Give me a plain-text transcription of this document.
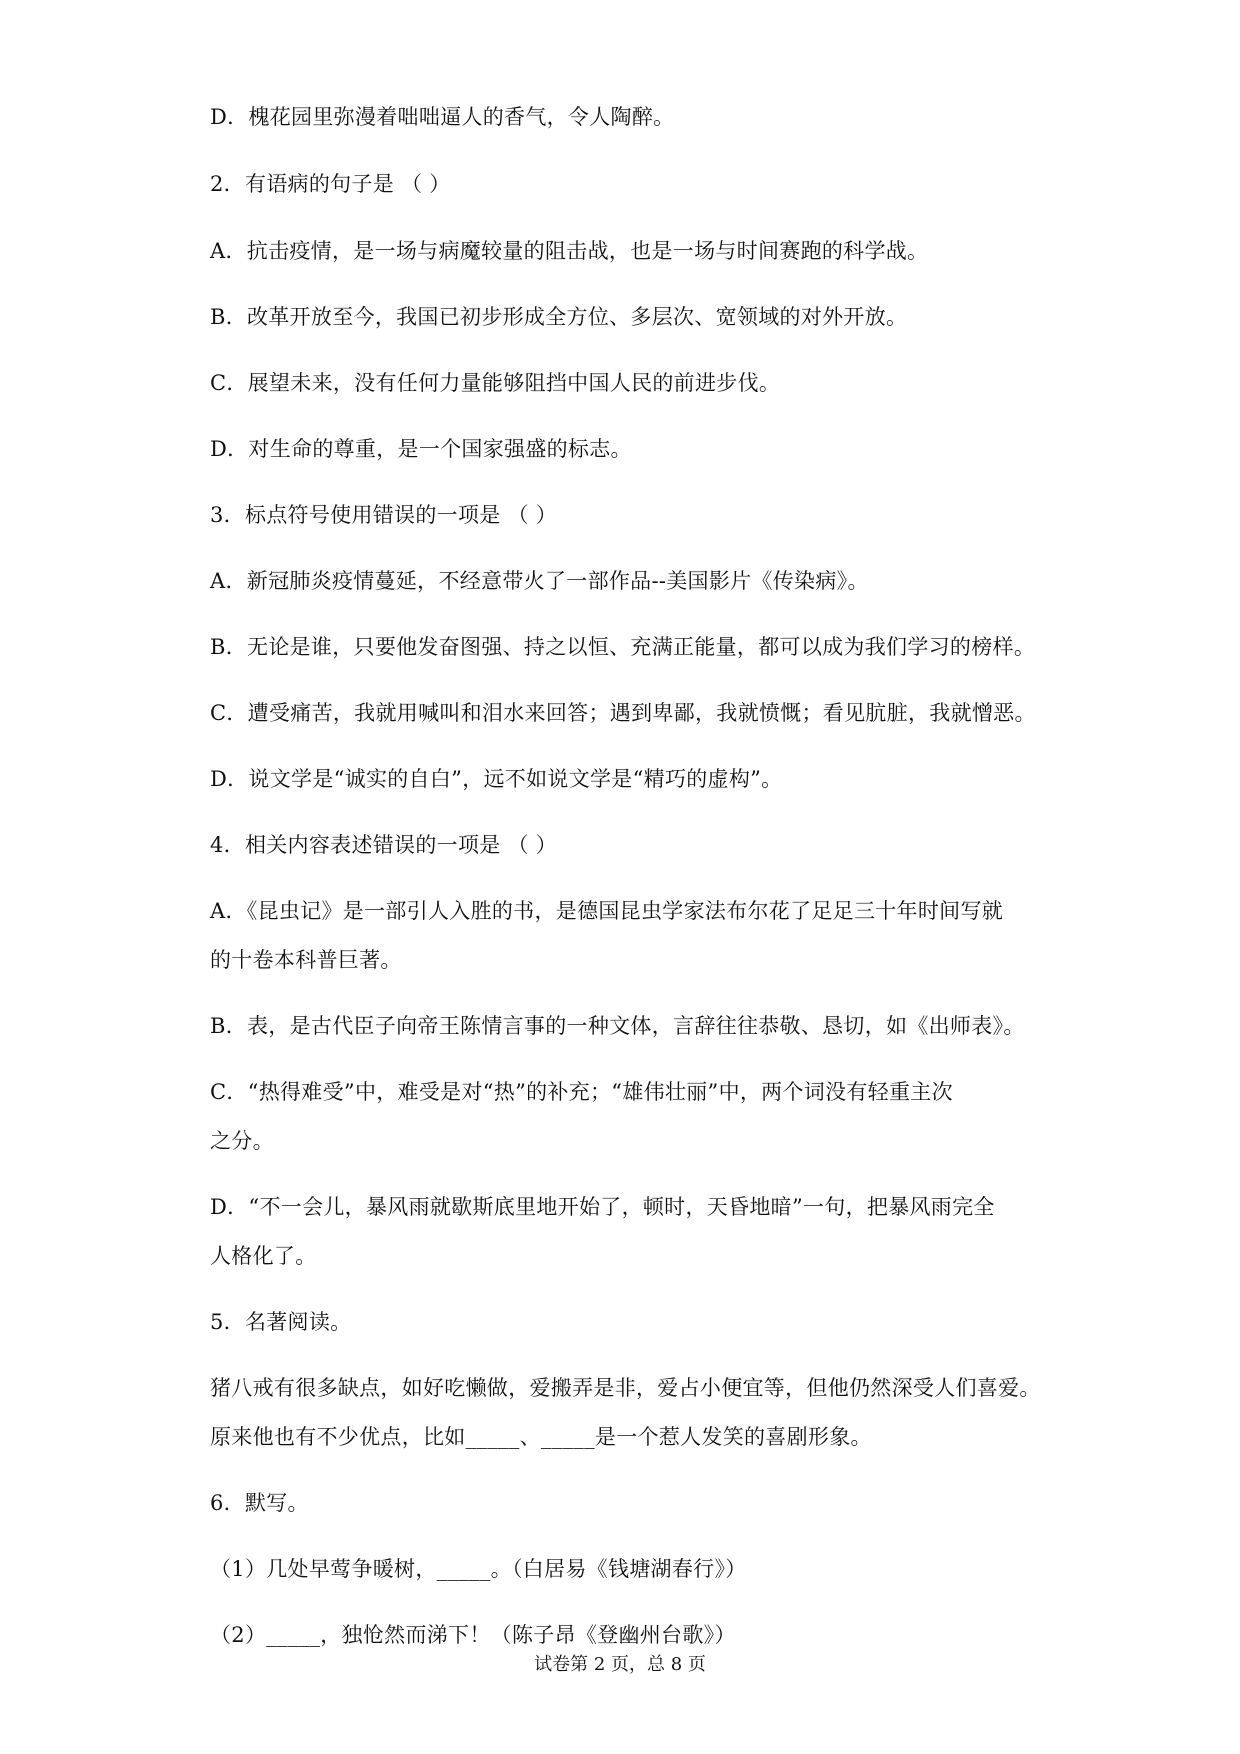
D．槐花园里弥漫着咄咄逼人的香气，令人陶醉。
2．有语病的句子是 （ ）
A．抗击疫情，是一场与病魔较量的阻击战，也是一场与时间赛跑的科学战。
B．改革开放至今，我国已初步形成全方位、多层次、宽领域的对外开放。
C．展望未来，没有任何力量能够阻挡中国人民的前进步伐。
D．对生命的尊重，是一个国家强盛的标志。
3．标点符号使用错误的一项是 （ ）
A．新冠肺炎疫情蔓延，不经意带火了一部作品--美国影片《传染病》。
B．无论是谁，只要他发奋图强、持之以恒、充满正能量，都可以成为我们学习的榜样。
C．遭受痛苦，我就用喊叫和泪水来回答；遇到卑鄙，我就愤慨；看见肮脏，我就憎恶。
D．说文学是“诚实的自白”，远不如说文学是“精巧的虚构”。
4．相关内容表述错误的一项是 （ ）
A．《昆虫记》是一部引人入胜的书，是德国昆虫学家法布尔花了足足三十年时间写就
的十卷本科普巨著。
B．表，是古代臣子向帝王陈情言事的一种文体，言辞往往恭敬、恳切，如《出师表》。
C．“热得难受”中，难受是对“热”的补充；“雄伟壮丽”中，两个词没有轻重主次
之分。
D．“不一会儿，暴风雨就歇斯底里地开始了，顿时，天昏地暗”一句，把暴风雨完全
人格化了。
5．名著阅读。
猪八戒有很多缺点，如好吃懒做，爱搬弄是非，爱占小便宜等，但他仍然深受人们喜爱。
原来他也有不少优点，比如_____、_____是一个惹人发笑的喜剧形象。
6．默写。
（1）几处早莺争暖树，_____。（白居易《钱塘湖春行》）
（2）_____，独怆然而涕下！（陈子昂《登幽州台歌》）
试卷第 2 页，总 8 页
